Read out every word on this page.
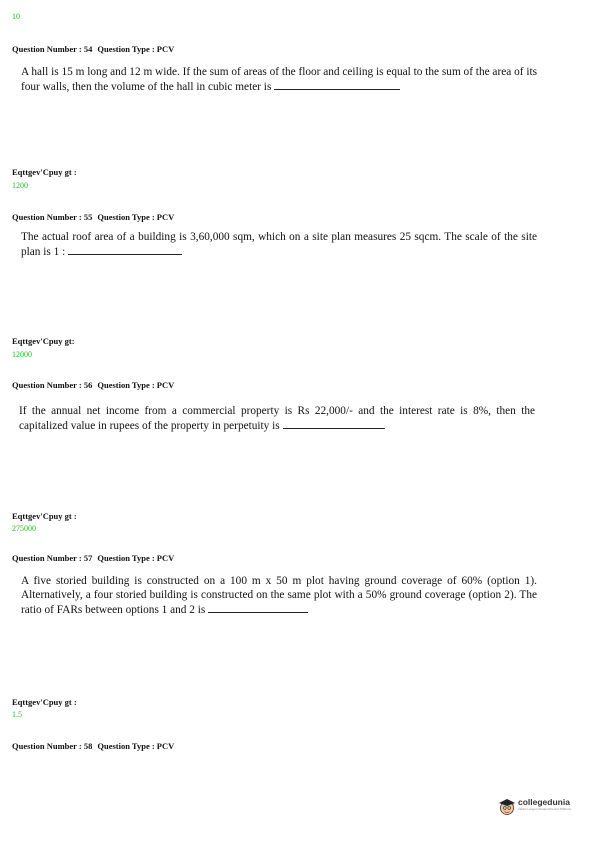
10
Question Number : 54 Question Type : PCV
A hall is 15 m long and 12 m wide. If the sum of areas of the floor and ceiling is equal to the sum of the area of its four walls, then the volume of the hall in cubic meter is
Eqttgev'Cpuy gt :
1200
Question Number : 55 Question Type : PCV
The actual roof area of a building is 3,60,000 sqm, which on a site plan measures 25 sqcm. The scale of the site plan is 1 :
Eqttgev'Cpuy gt:
12000
Question Number : 56 Question Type : PCV
If the annual net income from a commercial property is Rs 22,000/- and the interest rate is 8%, then the capitalized value in rupees of the property in perpetuity is
Eqttgev'Cpuy gt :
275000
Question Number : 57 Question Type : PCV
A five storied building is constructed on a 100 m x 50 m plot having ground coverage of 60% (option 1). Alternatively, a four storied building is constructed on the same plot with a 50% ground coverage (option 2). The ratio of FARs between options 1 and 2 is
Eqttgev'Cpuy gt :
1.5
Question Number : 58 Question Type : PCV
collegedunia
India's Largest Student Review Platform
